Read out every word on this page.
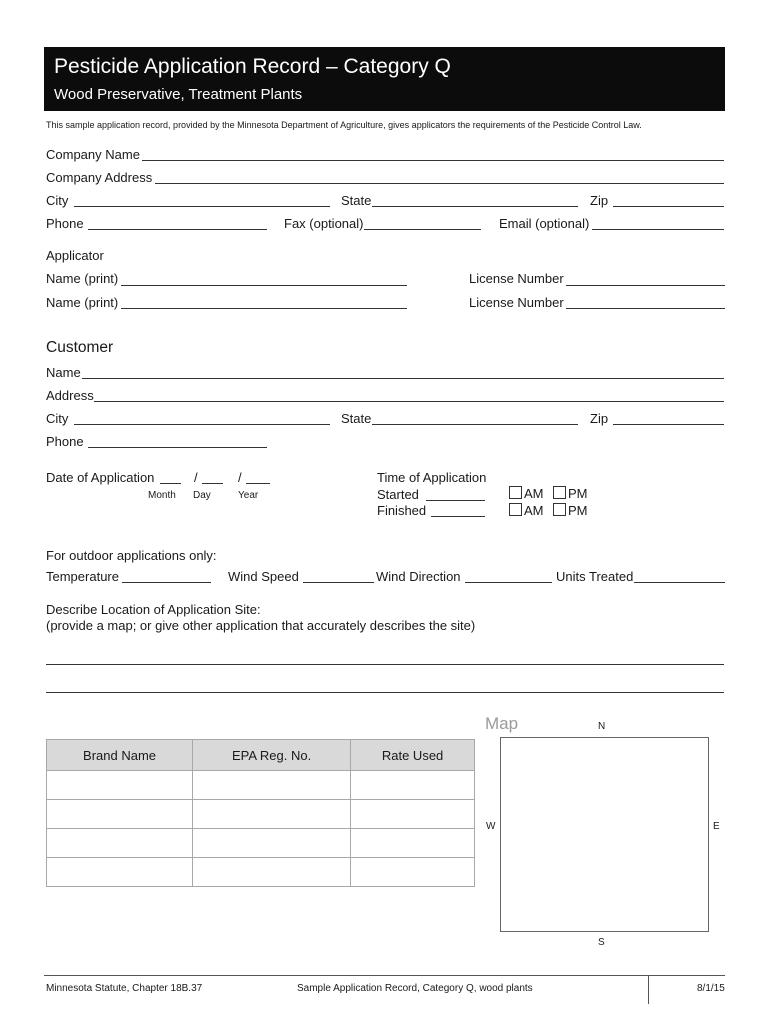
Pesticide Application Record – Category Q
Wood Preservative, Treatment Plants
This sample application record, provided by the Minnesota Department of Agriculture, gives applicators the requirements of the Pesticide Control Law.
Company Name
Company Address
City	State	Zip
Phone	Fax (optional)	Email (optional)
Applicator
Name (print)	License Number
Name (print)	License Number
Customer
Name
Address
City	State	Zip
Phone
Date of Application	/	/
Month Day	Year
Time of Application
Started
Finished
AM	PM
AM	PM
For outdoor applications only:
Temperature	Wind Speed	Wind Direction	Units Treated
Describe Location of Application Site:
(provide a map; or give other application that accurately describes the site)
Brand Name	EPA Reg. No.	Rate Used

Map	N
W	E
S
Minnesota Statute, Chapter 18B.37	Sample Application Record, Category Q, wood plants	8/1/15
